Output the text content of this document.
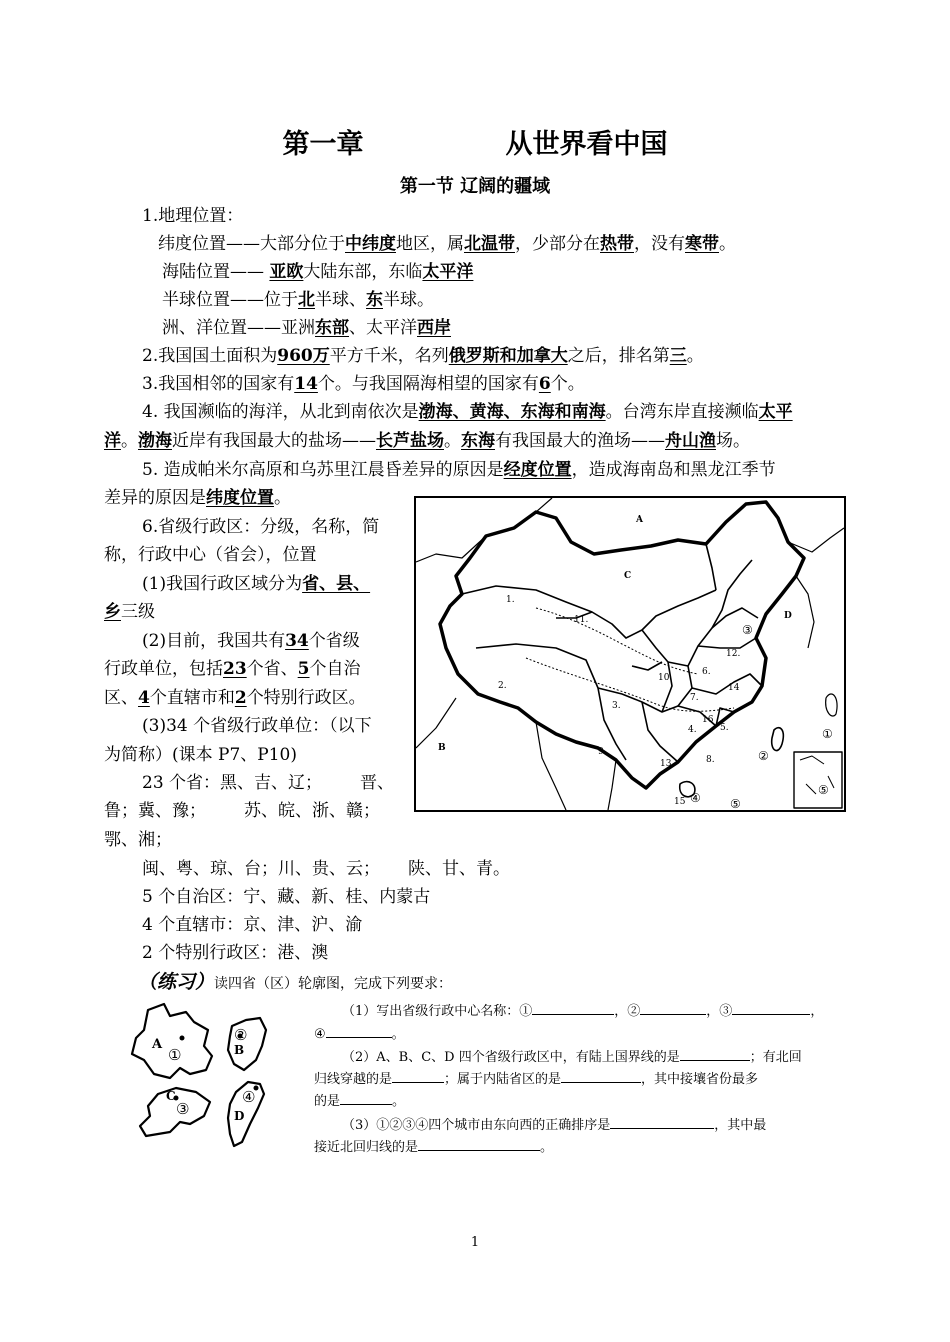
第一章	从世界看中国
第一节 辽阔的疆域
1.地理位置：
纬度位置——大部分位于中纬度地区，属北温带，少部分在热带，没有寒带。
海陆位置—— 亚欧大陆东部，东临太平洋
半球位置——位于北半球、东半球。
洲、洋位置——亚洲东部、太平洋西岸
2.我国国土面积为960万平方千米，名列俄罗斯和加拿大之后，排名第三。
3.我国相邻的国家有14个。与我国隔海相望的国家有6个。
4. 我国濒临的海洋，从北到南依次是渤海、黄海、东海和南海。台湾东岸直接濒临太平
洋。渤海近岸有我国最大的盐场——长芦盐场。东海有我国最大的渔场——舟山渔场。
5. 造成帕米尔高原和乌苏里江晨昏差异的原因是经度位置，造成海南岛和黑龙江季节
差异的原因是纬度位置。
6.省级行政区：分级，名称，简
称，行政中心（省会），位置
(1)我国行政区域分为省、县、
乡三级
(2)目前，我国共有34个省级
行政单位，包括23个省、5个自治
区、4个直辖市和2个特别行政区。
(3)34 个省级行政单位：（以下
为简称）(课本 P7、P10)
23 个省：黑、吉、辽； 晋、
鲁；冀、豫； 苏、皖、浙、赣；
鄂、湘；
闽、粤、琼、台；川、贵、云； 陕、甘、青。
5 个自治区：宁、藏、新、桂、内蒙古
4 个直辖市：京、津、沪、渝
2 个特别行政区：港、澳
A
B
C
D
1.
2.
3.
4.	5.
6.
7.
8.
9.
10.
11.
12.
13
14
15
16
①
②
③
④ ⑤
⑤
（练习）读四省（区）轮廓图，完成下列要求：
A	B
C
D
①
②
③
④
（1）写出省级行政中心名称：①	，②	，③	，
④	。
（2）A、B、C、D 四个省级行政区中，有陆上国界线的是	；有北回
归线穿越的是	；属于内陆省区的是	，其中接壤省份最多
的是	。
（3）①②③④四个城市由东向西的正确排序是	，其中最
接近北回归线的是	。
1
